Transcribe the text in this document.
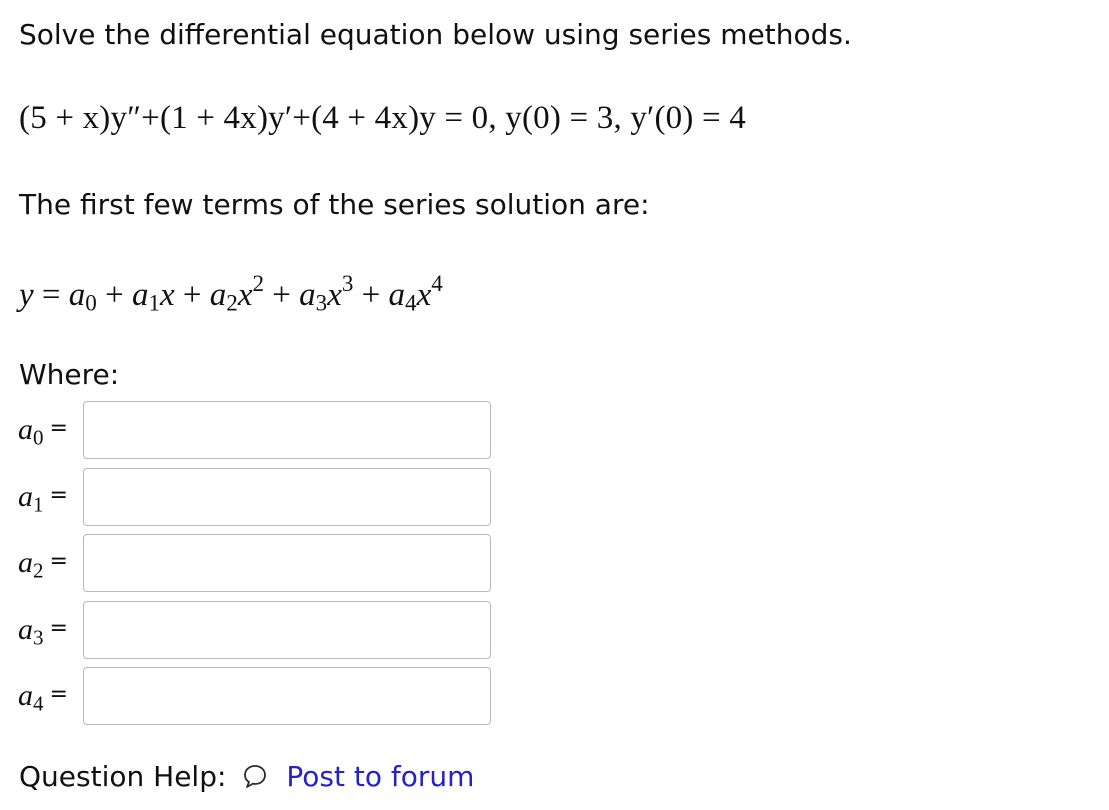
Solve the differential equation below using series methods.
(5 + x)y″+(1 + 4x)y′+(4 + 4x)y = 0, y(0) = 3, y′(0) = 4
The first few terms of the series solution are:
$y = a_0 + a_1x + a_2x^2 + a_3x^3 + a_4x^4$
Where:
$a_0$ =
$a_1$ =
$a_2$ =
$a_3$ =
$a_4$ =
Question Help: Post to forum
